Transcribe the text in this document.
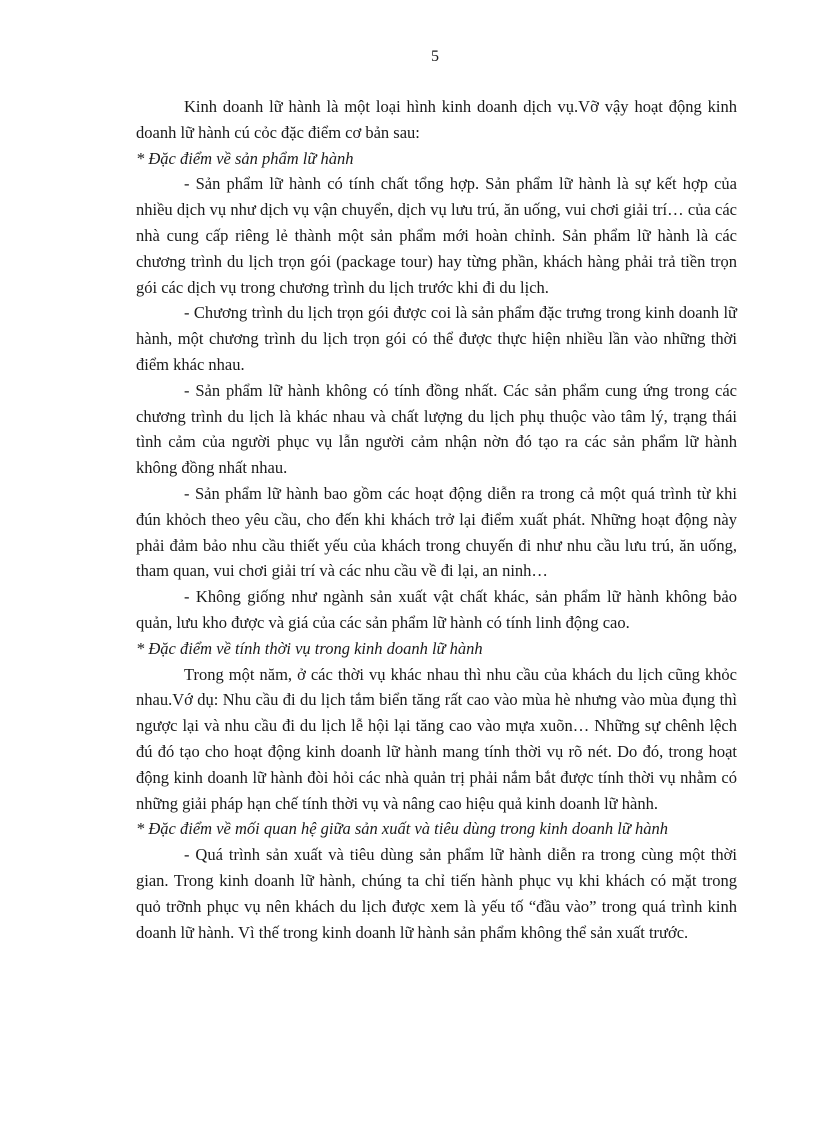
5

Kinh doanh lữ hành là một loại hình kinh doanh dịch vụ.Vỡ vậy hoạt động kinh doanh lữ hành cú cỏc đặc điểm cơ bản sau:

* Đặc điểm về sản phẩm lữ hành

- Sản phẩm lữ hành có tính chất tổng hợp. Sản phẩm lữ hành là sự kết hợp của nhiều dịch vụ như dịch vụ vận chuyển, dịch vụ lưu trú, ăn uống, vui chơi giải trí… của các nhà cung cấp riêng lẻ thành một sản phẩm mới hoàn chỉnh. Sản phẩm lữ hành là các chương trình du lịch trọn gói (package tour) hay từng phần, khách hàng phải trả tiền trọn gói các dịch vụ trong chương trình du lịch trước khi đi du lịch.

- Chương trình du lịch trọn gói được coi là sản phẩm đặc trưng trong kinh doanh lữ hành, một chương trình du lịch trọn gói có thể được thực hiện nhiều lần vào những thời điểm khác nhau.

- Sản phẩm lữ hành không có tính đồng nhất. Các sản phẩm cung ứng trong các chương trình du lịch là khác nhau và chất lượng du lịch phụ thuộc vào tâm lý, trạng thái tình cảm của người phục vụ lẫn người cảm nhận nờn đó tạo ra các sản phẩm lữ hành không đồng nhất nhau.

- Sản phẩm lữ hành bao gồm các hoạt động diễn ra trong cả một quá trình từ khi đún khỏch theo yêu cầu, cho đến khi khách trở lại điểm xuất phát. Những hoạt động này phải đảm bảo nhu cầu thiết yếu của khách trong chuyến đi như nhu cầu lưu trú, ăn uống, tham quan, vui chơi giải trí và các nhu cầu về đi lại, an ninh…

- Không giống như ngành sản xuất vật chất khác, sản phẩm lữ hành không bảo quản, lưu kho được và giá của các sản phẩm lữ hành có tính linh động cao.

* Đặc điểm về tính thời vụ trong kinh doanh lữ hành

Trong một năm, ở các thời vụ khác nhau thì nhu cầu của khách du lịch cũng khỏc nhau.Vớ dụ: Nhu cầu đi du lịch tắm biển tăng rất cao vào mùa hè nhưng vào mùa đụng thì ngược lại và nhu cầu đi du lịch lễ hội lại tăng cao vào mựa xuõn… Những sự chênh lệch đú đó tạo cho hoạt động kinh doanh lữ hành mang tính thời vụ rõ nét. Do đó, trong hoạt động kinh doanh lữ hành đòi hỏi các nhà quản trị phải nắm bắt được tính thời vụ nhằm có những giải pháp hạn chế tính thời vụ và nâng cao hiệu quả kinh doanh lữ hành.

* Đặc điểm về mối quan hệ giữa sản xuất và tiêu dùng trong kinh doanh lữ hành

- Quá trình sản xuất và tiêu dùng sản phẩm lữ hành diễn ra trong cùng một thời gian. Trong kinh doanh lữ hành, chúng ta chỉ tiến hành phục vụ khi khách có mặt trong quỏ trỡnh phục vụ nên khách du lịch được xem là yếu tố “đầu vào” trong quá trình kinh doanh lữ hành. Vì thế trong kinh doanh lữ hành sản phẩm không thể sản xuất trước.
